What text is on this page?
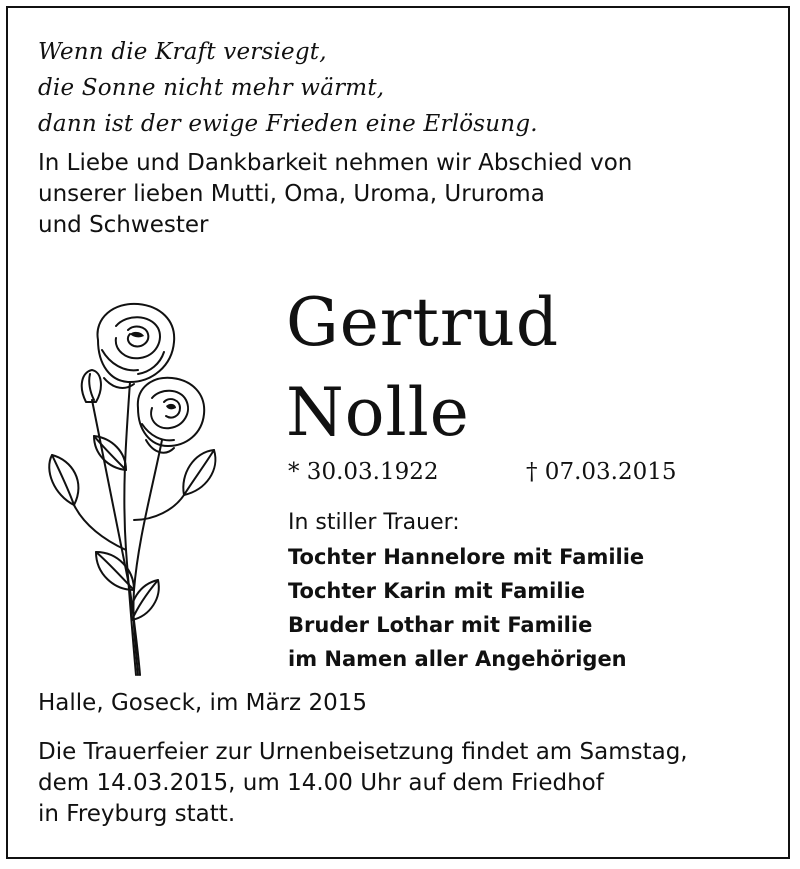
Wenn die Kraft versiegt,
die Sonne nicht mehr wärmt,
dann ist der ewige Frieden eine Erlösung.
In Liebe und Dankbarkeit nehmen wir Abschied von
unserer lieben Mutti, Oma, Uroma, Ururoma
und Schwester
Gertrud
Nolle
* 30.03.1922	† 07.03.2015
In stiller Trauer:
Tochter Hannelore mit Familie
Tochter Karin mit Familie
Bruder Lothar mit Familie
im Namen aller Angehörigen
Halle, Goseck, im März 2015
Die Trauerfeier zur Urnenbeisetzung findet am Samstag,
dem 14.03.2015, um 14.00 Uhr auf dem Friedhof
in Freyburg statt.
